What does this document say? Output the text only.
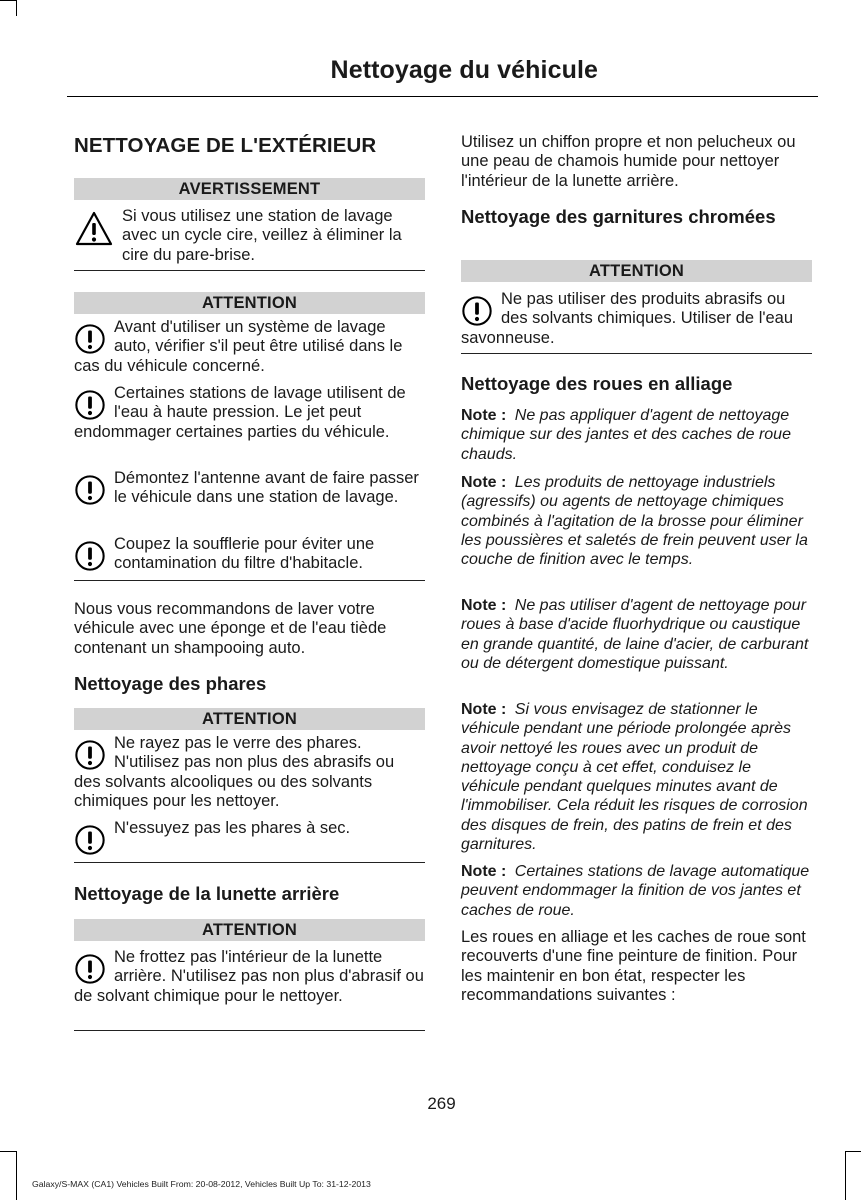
Nettoyage du véhicule
NETTOYAGE DE L'EXTÉRIEUR
AVERTISSEMENT
Si vous utilisez une station de lavage avec un cycle cire, veillez à éliminer la cire du pare-brise.
ATTENTION
Avant d'utiliser un système de lavage auto, vérifier s'il peut être utilisé dans le cas du véhicule concerné.
Certaines stations de lavage utilisent de l'eau à haute pression. Le jet peut endommager certaines parties du véhicule.
Démontez l'antenne avant de faire passer le véhicule dans une station de lavage.
Coupez la soufflerie pour éviter une contamination du filtre d'habitacle.
Nous vous recommandons de laver votre véhicule avec une éponge et de l'eau tiède contenant un shampooing auto.
Nettoyage des phares
ATTENTION
Ne rayez pas le verre des phares. N'utilisez pas non plus des abrasifs ou des solvants alcooliques ou des solvants chimiques pour les nettoyer.
N'essuyez pas les phares à sec.
Nettoyage de la lunette arrière
ATTENTION
Ne frottez pas l'intérieur de la lunette arrière. N'utilisez pas non plus d'abrasif ou de solvant chimique pour le nettoyer.
Utilisez un chiffon propre et non pelucheux ou une peau de chamois humide pour nettoyer l'intérieur de la lunette arrière.
Nettoyage des garnitures chromées
ATTENTION
Ne pas utiliser des produits abrasifs ou des solvants chimiques. Utiliser de l'eau savonneuse.
Nettoyage des roues en alliage
Note : Ne pas appliquer d'agent de nettoyage chimique sur des jantes et des caches de roue chauds.
Note : Les produits de nettoyage industriels (agressifs) ou agents de nettoyage chimiques combinés à l'agitation de la brosse pour éliminer les poussières et saletés de frein peuvent user la couche de finition avec le temps.
Note : Ne pas utiliser d'agent de nettoyage pour roues à base d'acide fluorhydrique ou caustique en grande quantité, de laine d'acier, de carburant ou de détergent domestique puissant.
Note : Si vous envisagez de stationner le véhicule pendant une période prolongée après avoir nettoyé les roues avec un produit de nettoyage conçu à cet effet, conduisez le véhicule pendant quelques minutes avant de l'immobiliser. Cela réduit les risques de corrosion des disques de frein, des patins de frein et des garnitures.
Note : Certaines stations de lavage automatique peuvent endommager la finition de vos jantes et caches de roue.
Les roues en alliage et les caches de roue sont recouverts d'une fine peinture de finition. Pour les maintenir en bon état, respecter les recommandations suivantes :
269
Galaxy/S-MAX (CA1) Vehicles Built From: 20-08-2012, Vehicles Built Up To: 31-12-2013
